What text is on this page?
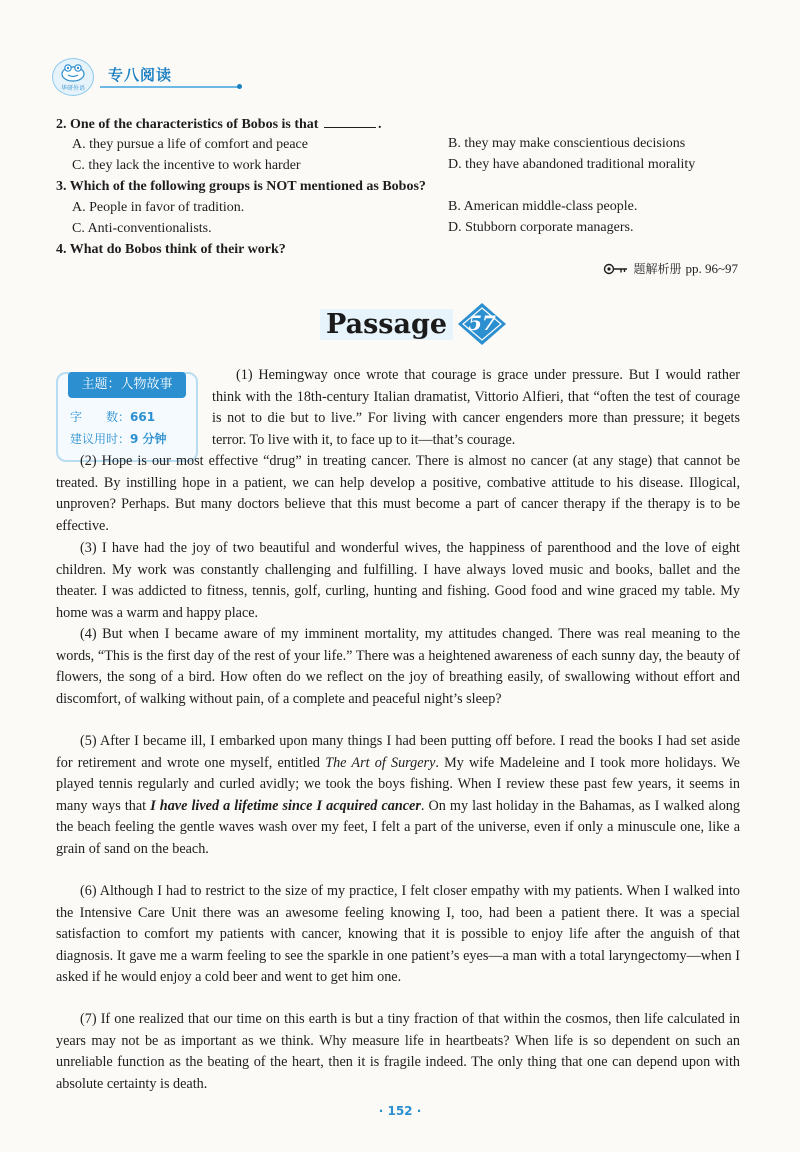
华研外语
专八阅读
2. One of the characteristics of Bobos is that	.
A. they pursue a life of comfort and peace	B. they may make conscientious decisions
C. they lack the incentive to work harder	D. they have abandoned traditional morality
3. Which of the following groups is NOT mentioned as Bobos?
A. People in favor of tradition.	B. American middle-class people.
C. Anti-conventionalists.	D. Stubborn corporate managers.
4. What do Bobos think of their work?
题解析册 pp. 96~97
Passage	57
主题：人物故事
字　　数：661
建议用时：9 分钟

(1) Hemingway once wrote that courage is grace under pressure. But I would rather think with the 18th-century Italian dramatist, Vittorio Alfieri, that “often the test of courage is not to die but to live.” For living with cancer engenders more than pressure; it begets terror. To live with it, to face up to it—that’s courage.

(2) Hope is our most effective “drug” in treating cancer. There is almost no cancer (at any stage) that cannot be treated. By instilling hope in a patient, we can help develop a positive, combative attitude to his disease. Illogical, unproven? Perhaps. But many doctors believe that this must become a part of cancer therapy if the therapy is to be effective.

(3) I have had the joy of two beautiful and wonderful wives, the happiness of parenthood and the love of eight children. My work was constantly challenging and fulfilling. I have always loved music and books, ballet and the theater. I was addicted to fitness, tennis, golf, curling, hunting and fishing. Good food and wine graced my table. My home was a warm and happy place.

(4) But when I became aware of my imminent mortality, my attitudes changed. There was real meaning to the words, “This is the first day of the rest of your life.” There was a heightened awareness of each sunny day, the beauty of flowers, the song of a bird. How often do we reflect on the joy of breathing easily, of swallowing without effort and discomfort, of walking without pain, of a complete and peaceful night’s sleep?

(5) After I became ill, I embarked upon many things I had been putting off before. I read the books I had set aside for retirement and wrote one myself, entitled The Art of Surgery. My wife Madeleine and I took more holidays. We played tennis regularly and curled avidly; we took the boys fishing. When I review these past few years, it seems in many ways that I have lived a lifetime since I acquired cancer. On my last holiday in the Bahamas, as I walked along the beach feeling the gentle waves wash over my feet, I felt a part of the universe, even if only a minuscule one, like a grain of sand on the beach.

(6) Although I had to restrict to the size of my practice, I felt closer empathy with my patients. When I walked into the Intensive Care Unit there was an awesome feeling knowing I, too, had been a patient there. It was a special satisfaction to comfort my patients with cancer, knowing that it is possible to enjoy life after the anguish of that diagnosis. It gave me a warm feeling to see the sparkle in one patient’s eyes—a man with a total laryngectomy—when I asked if he would enjoy a cold beer and went to get him one.

(7) If one realized that our time on this earth is but a tiny fraction of that within the cosmos, then life calculated in years may not be as important as we think. Why measure life in heartbeats? When life is so dependent on such an unreliable function as the beating of the heart, then it is fragile indeed. The only thing that one can depend upon with absolute certainty is death.

· 152 ·
